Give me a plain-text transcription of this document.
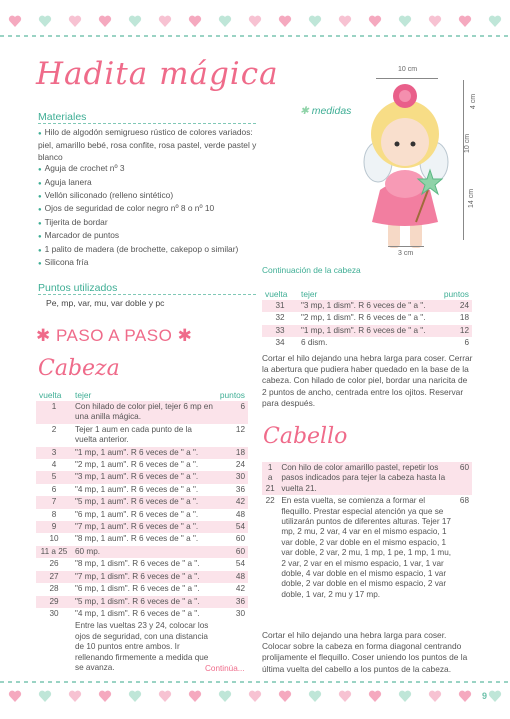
Hadita mágica	10 cm
4 cm
10 cm
14 cm
3 cm
✱ medidas
Materiales
● Hilo de algodón semigrueso rústico de colores variados: piel, amarillo bebé, rosa confite, rosa pastel, verde pastel y blanco
● Aguja de crochet nº 3
● Aguja lanera
● Vellón siliconado (relleno sintético)
● Ojos de seguridad de color negro nº 8 o nº 10
● Tijerita de bordar
● Marcador de puntos
● 1 palito de madera (de brochette, cakepop o similar)
● Silicona fría
Puntos utilizados
Pe, mp, var, mu, var doble y pc
✱ PASO A PASO ✱
Cabeza
vuelta	tejer	puntos
1	Con hilado de color piel, tejer 6 mp en una anilla mágica.	6
2	Tejer 1 aum en cada punto de la vuelta anterior.	12
3	"1 mp, 1 aum". R 6 veces de " a ".	18
4	"2 mp, 1 aum". R 6 veces de " a ".	24
5	"3 mp, 1 aum". R 6 veces de " a ".	30
6	"4 mp, 1 aum". R 6 veces de " a ".	36
7	"5 mp, 1 aum". R 6 veces de " a ".	42
8	"6 mp, 1 aum". R 6 veces de " a ".	48
9	"7 mp, 1 aum". R 6 veces de " a ".	54
10	"8 mp, 1 aum". R 6 veces de " a ".	60
11 a 25	60 mp.	60
26	"8 mp, 1 dism". R 6 veces de " a ".	54
27	"7 mp, 1 dism". R 6 veces de " a ".	48
28	"6 mp, 1 dism". R 6 veces de " a ".	42
29	"5 mp, 1 dism". R 6 veces de " a ".	36
30	"4 mp, 1 dism". R 6 veces de " a ".	30
	Entre las vueltas 23 y 24, colocar los ojos de seguridad, con una distancia de 10 puntos entre ambos. Ir rellenando firmemente a medida que se avanza.		Continúa...
Continuación de la cabeza
vuelta	tejer	puntos
31	"3 mp, 1 dism". R 6 veces de " a ".	24
32	"2 mp, 1 dism". R 6 veces de " a ".	18
33	"1 mp, 1 dism". R 6 veces de " a ".	12
34	6 dism.	6
Cortar el hilo dejando una hebra larga para coser. Cerrar la abertura que pudiera haber quedado en la base de la cabeza. Con hilado de color piel, bordar una naricita de 2 puntos de ancho, centrada entre los ojitos. Reservar para después.
Cabello
1 a 21	Con hilo de color amarillo pastel, repetir los pasos indicados para tejer la cabeza hasta la vuelta 21.	60
22	En esta vuelta, se comienza a formar el flequillo. Prestar especial atención ya que se utilizarán puntos de diferentes alturas. Tejer 17 mp, 2 mu, 2 var, 4 var en el mismo espacio, 1 var doble, 2 var doble en el mismo espacio, 1 var doble, 2 var, 2 mu, 1 mp, 1 pe, 1 mp, 1 mu, 2 var, 2 var en el mismo espacio, 1 var, 1 var doble, 4 var doble en el mismo espacio, 1 var doble, 2 var doble en el mismo espacio, 2 var doble, 1 var, 2 mu y 17 mp.	68
Cortar el hilo dejando una hebra larga para coser. Colocar sobre la cabeza en forma diagonal centrando prolijamente el flequillo. Coser uniendo los puntos de la última vuelta del cabello a los puntos de la cabeza.
9
